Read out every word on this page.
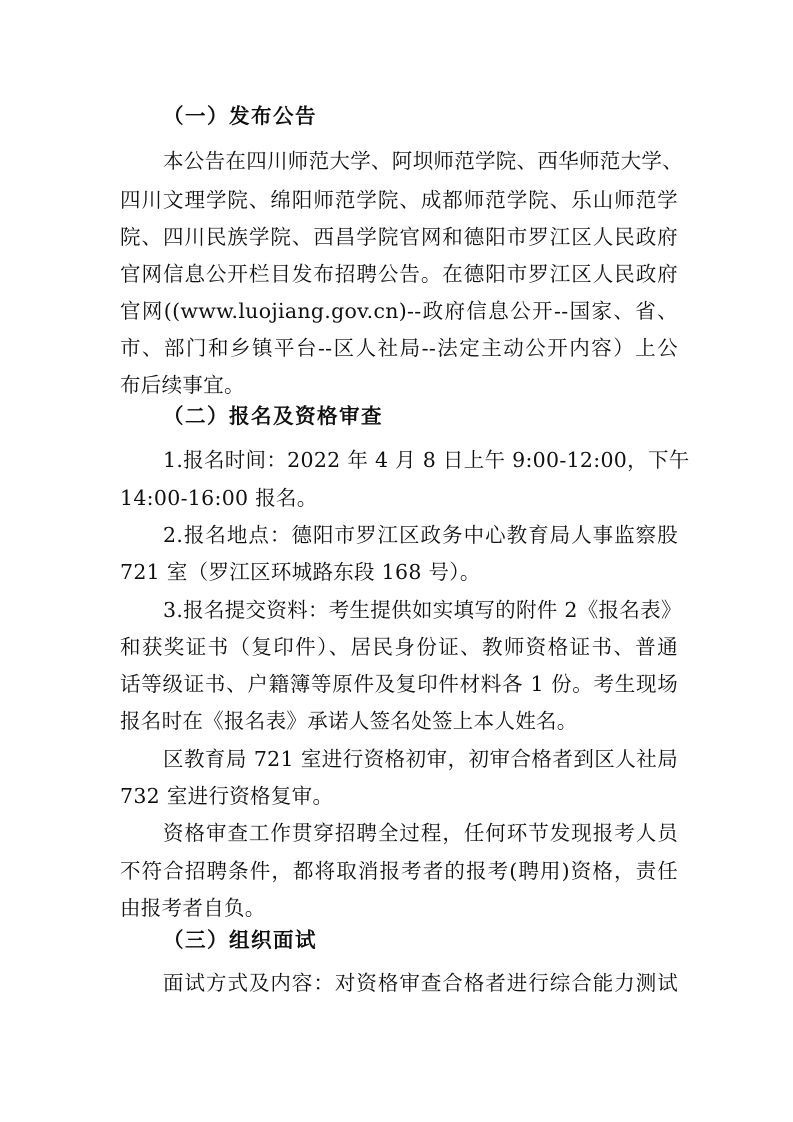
（一）发布公告
本公告在四川师范大学、阿坝师范学院、西华师范大学、
四川文理学院、绵阳师范学院、成都师范学院、乐山师范学
院、四川民族学院、西昌学院官网和德阳市罗江区人民政府
官网信息公开栏目发布招聘公告。在德阳市罗江区人民政府
官网((www.luojiang.gov.cn)--政府信息公开--国家、省、
市、部门和乡镇平台--区人社局--法定主动公开内容）上公
布后续事宜。
（二）报名及资格审查
1.报名时间：2022 年 4 月 8 日上午 9:00-12:00，下午
14:00-16:00 报名。
2.报名地点：德阳市罗江区政务中心教育局人事监察股
721 室（罗江区环城路东段 168 号）。
3.报名提交资料：考生提供如实填写的附件 2《报名表》
和获奖证书（复印件）、居民身份证、教师资格证书、普通
话等级证书、户籍簿等原件及复印件材料各 1 份。考生现场
报名时在《报名表》承诺人签名处签上本人姓名。
区教育局 721 室进行资格初审，初审合格者到区人社局
732 室进行资格复审。
资格审查工作贯穿招聘全过程，任何环节发现报考人员
不符合招聘条件，都将取消报考者的报考(聘用)资格，责任
由报考者自负。
（三）组织面试
面试方式及内容：对资格审查合格者进行综合能力测试
